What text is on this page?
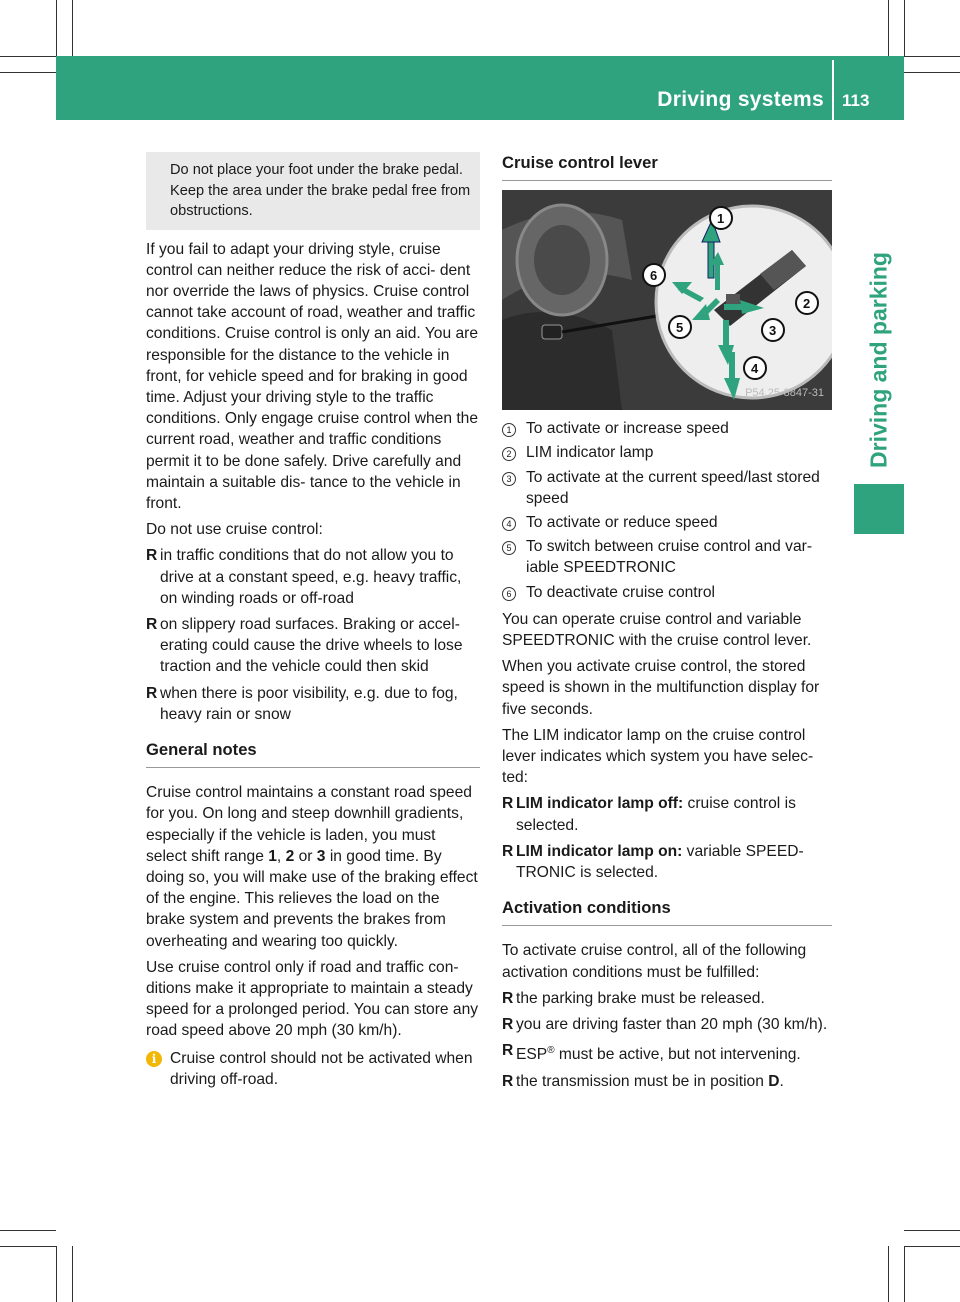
Driving systems 113
Driving and parking
Do not place your foot under the brake pedal. Keep the area under the brake pedal free from obstructions.

If you fail to adapt your driving style, cruise control can neither reduce the risk of acci- dent nor override the laws of physics. Cruise control cannot take account of road, weather and traffic conditions. Cruise control is only an aid. You are responsible for the distance to the vehicle in front, for vehicle speed and for braking in good time. Adjust your driving style to the traffic conditions. Only engage cruise control when the current road, weather and traffic conditions permit it to be done safely. Drive carefully and maintain a suitable dis- tance to the vehicle in front.

Do not use cruise control:

R in traffic conditions that do not allow you to drive at a constant speed, e.g. heavy traffic, on winding roads or off-road
R on slippery road surfaces. Braking or accel- erating could cause the drive wheels to lose traction and the vehicle could then skid
R when there is poor visibility, e.g. due to fog, heavy rain or snow
General notes

Cruise control maintains a constant road speed for you. On long and steep downhill gradients, especially if the vehicle is laden, you must select shift range 1, 2 or 3 in good time. By doing so, you will make use of the braking effect of the engine. This relieves the load on the brake system and prevents the brakes from overheating and wearing too quickly.

Use cruise control only if road and traffic con- ditions make it appropriate to maintain a steady speed for a prolonged period. You can store any road speed above 20 mph (30 km/h).

i Cruise control should not be activated when driving off-road.
Cruise control lever
1
2
3
4
5
6
P54.25-8847-31
1 To activate or increase speed
2 LIM indicator lamp
3 To activate at the current speed/last stored speed
4 To activate or reduce speed
5 To switch between cruise control and var- iable SPEEDTRONIC
6 To deactivate cruise control

You can operate cruise control and variable SPEEDTRONIC with the cruise control lever.

When you activate cruise control, the stored speed is shown in the multifunction display for five seconds.

The LIM indicator lamp on the cruise control lever indicates which system you have selec- ted:

R LIM indicator lamp off: cruise control is selected.
R LIM indicator lamp on: variable SPEED- TRONIC is selected.
Activation conditions

To activate cruise control, all of the following activation conditions must be fulfilled:

R the parking brake must be released.
R you are driving faster than 20 mph (30 km/h).
R ESP® must be active, but not intervening.
R the transmission must be in position D.
